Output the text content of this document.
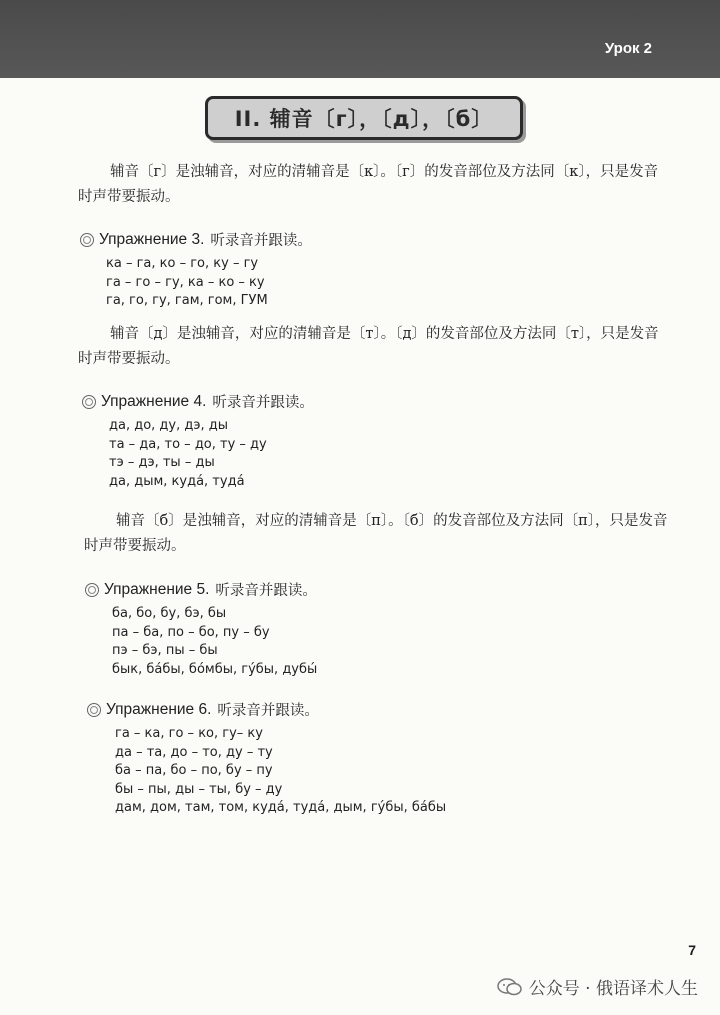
Урок 2
II. 辅音〔г〕，〔д〕，〔б〕
辅音〔г〕是浊辅音，对应的清辅音是〔к〕。〔г〕的发音部位及方法同〔к〕，只是发音时声带要振动。
Упражнение 3. 听录音并跟读。
ка – га, ко – го, ку – гу
га – го – гу, ка – ко – ку
га, го, гу, гам, гом, ГУМ
辅音〔д〕是浊辅音，对应的清辅音是〔т〕。〔д〕的发音部位及方法同〔т〕，只是发音时声带要振动。
Упражнение 4. 听录音并跟读。
да, до, ду, дэ, ды
та – да, то – до, ту – ду
тэ – дэ, ты – ды
да, дым, куда́, туда́
辅音〔б〕是浊辅音，对应的清辅音是〔п〕。〔б〕的发音部位及方法同〔п〕，只是发音时声带要振动。
Упражнение 5. 听录音并跟读。
ба, бо, бу, бэ, бы
па – ба, по – бо, пу – бу
пэ – бэ, пы – бы
бык, ба́бы, бо́мбы, гу́бы, дубы́
Упражнение 6. 听录音并跟读。
га – ка, го – ко, гу– ку
да – та, до – то, ду – ту
ба – па, бо – по, бу – пу
бы – пы, ды – ты, бу – ду
дам, дом, там, том, куда́, туда́, дым, гу́бы, ба́бы
7
公众号 · 俄语译术人生
